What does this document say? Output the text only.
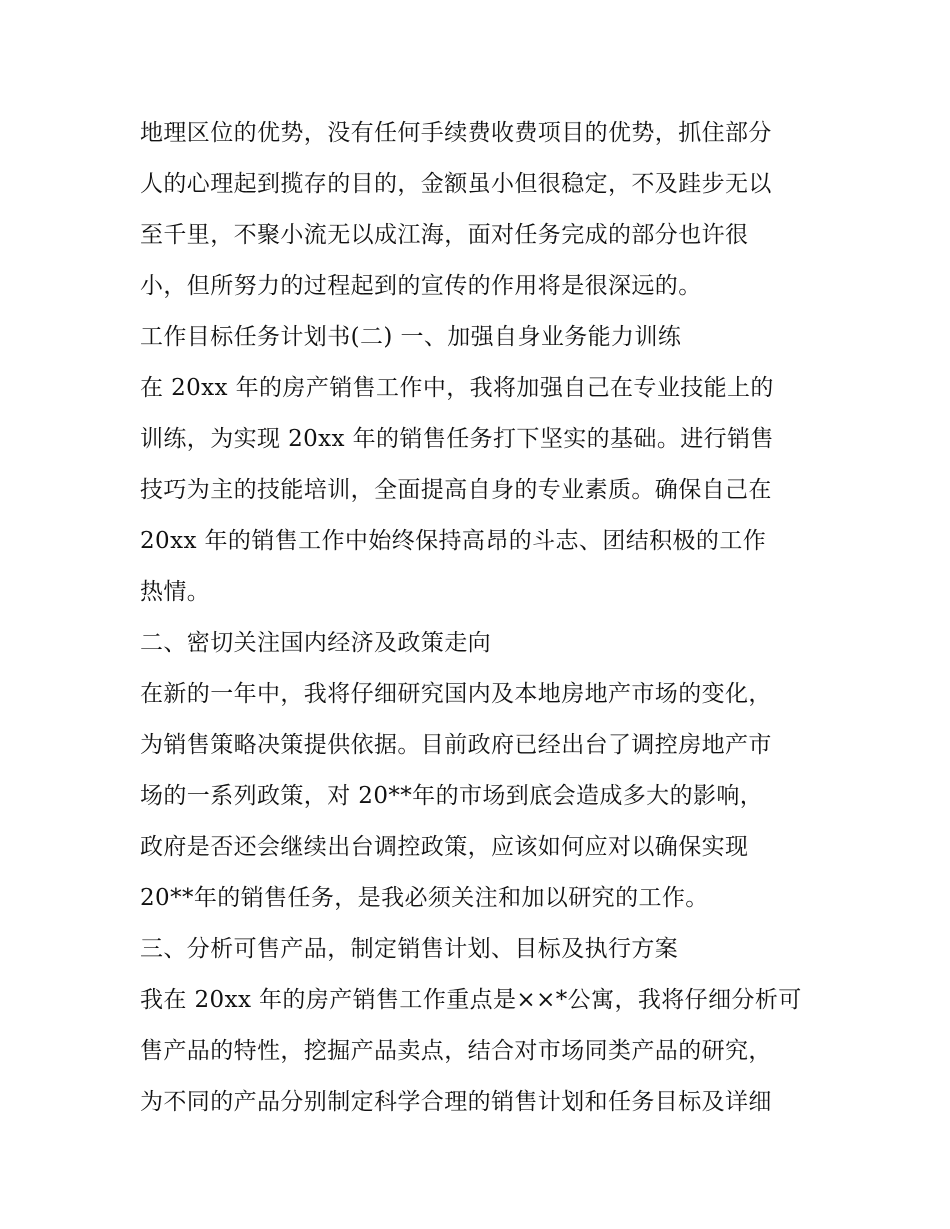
地理区位的优势，没有任何手续费收费项目的优势，抓住部分
人的心理起到揽存的目的，金额虽小但很稳定，不及跬步无以
至千里，不聚小流无以成江海，面对任务完成的部分也许很
小，但所努力的过程起到的宣传的作用将是很深远的。
工作目标任务计划书(二) 一、加强自身业务能力训练
在 20xx 年的房产销售工作中，我将加强自己在专业技能上的
训练，为实现 20xx 年的销售任务打下坚实的基础。进行销售
技巧为主的技能培训，全面提高自身的专业素质。确保自己在
20xx 年的销售工作中始终保持高昂的斗志、团结积极的工作
热情。
二、密切关注国内经济及政策走向
在新的一年中，我将仔细研究国内及本地房地产市场的变化，
为销售策略决策提供依据。目前政府已经出台了调控房地产市
场的一系列政策，对 20**年的市场到底会造成多大的影响，
政府是否还会继续出台调控政策，应该如何应对以确保实现
20**年的销售任务，是我必须关注和加以研究的工作。
三、分析可售产品，制定销售计划、目标及执行方案
我在 20xx 年的房产销售工作重点是××*公寓，我将仔细分析可
售产品的特性，挖掘产品卖点，结合对市场同类产品的研究，
为不同的产品分别制定科学合理的销售计划和任务目标及详细
